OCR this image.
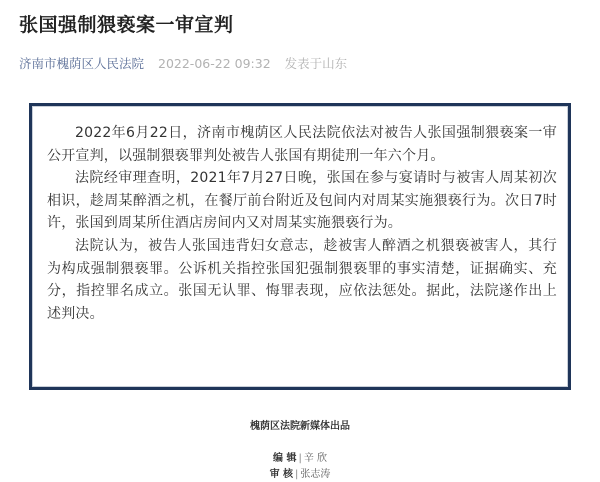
张国强制猥亵案一审宣判
济南市槐荫区人民法院 2022-06-22 09:32 发表于山东

2022年6月22日，济南市槐荫区人民法院依法对被告人张国强制猥亵案一审公开宣判，以强制猥亵罪判处被告人张国有期徒刑一年六个月。

法院经审理查明，2021年7月27日晚，张国在参与宴请时与被害人周某初次相识，趁周某醉酒之机，在餐厅前台附近及包间内对周某实施猥亵行为。次日7时许，张国到周某所住酒店房间内又对周某实施猥亵行为。

法院认为，被告人张国违背妇女意志，趁被害人醉酒之机猥亵被害人，其行为构成强制猥亵罪。公诉机关指控张国犯强制猥亵罪的事实清楚，证据确实、充分，指控罪名成立。张国无认罪、悔罪表现，应依法惩处。据此，法院遂作出上述判决。

槐荫区法院新媒体出品
编 辑 | 辛 欣
审 核 | 张志涛
